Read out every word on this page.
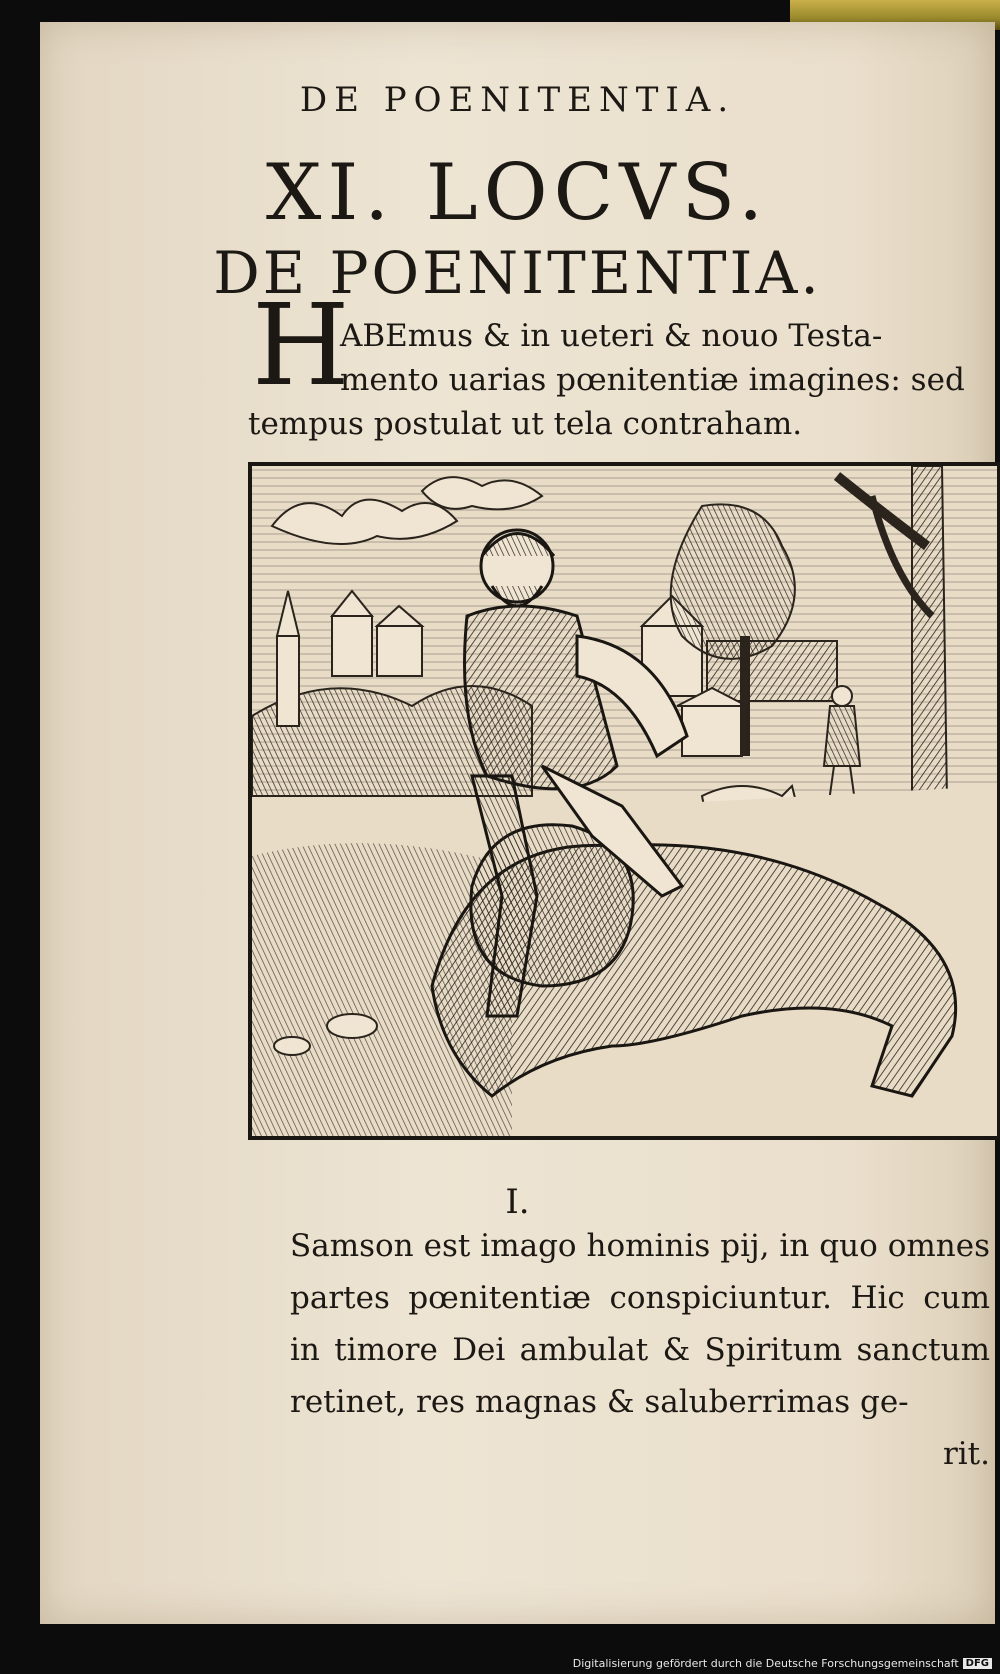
DE POENITENTIA.
XI. LOCVS.
DE POENITENTIA.
H
ABEmus & in ueteri & nouo Testa-
mento uarias pœnitentiæ imagines: sed
tempus postulat ut tela contraham.
I.
Samson est imago hominis pij, in quo omnes partes pœnitentiæ conspiciuntur. Hic cum in timore Dei ambulat & Spiritum sanctum retinet, res magnas & saluberrimas ge-
rit.
Digitalisierung gefördert durch die Deutsche Forschungsgemeinschaft DFG
